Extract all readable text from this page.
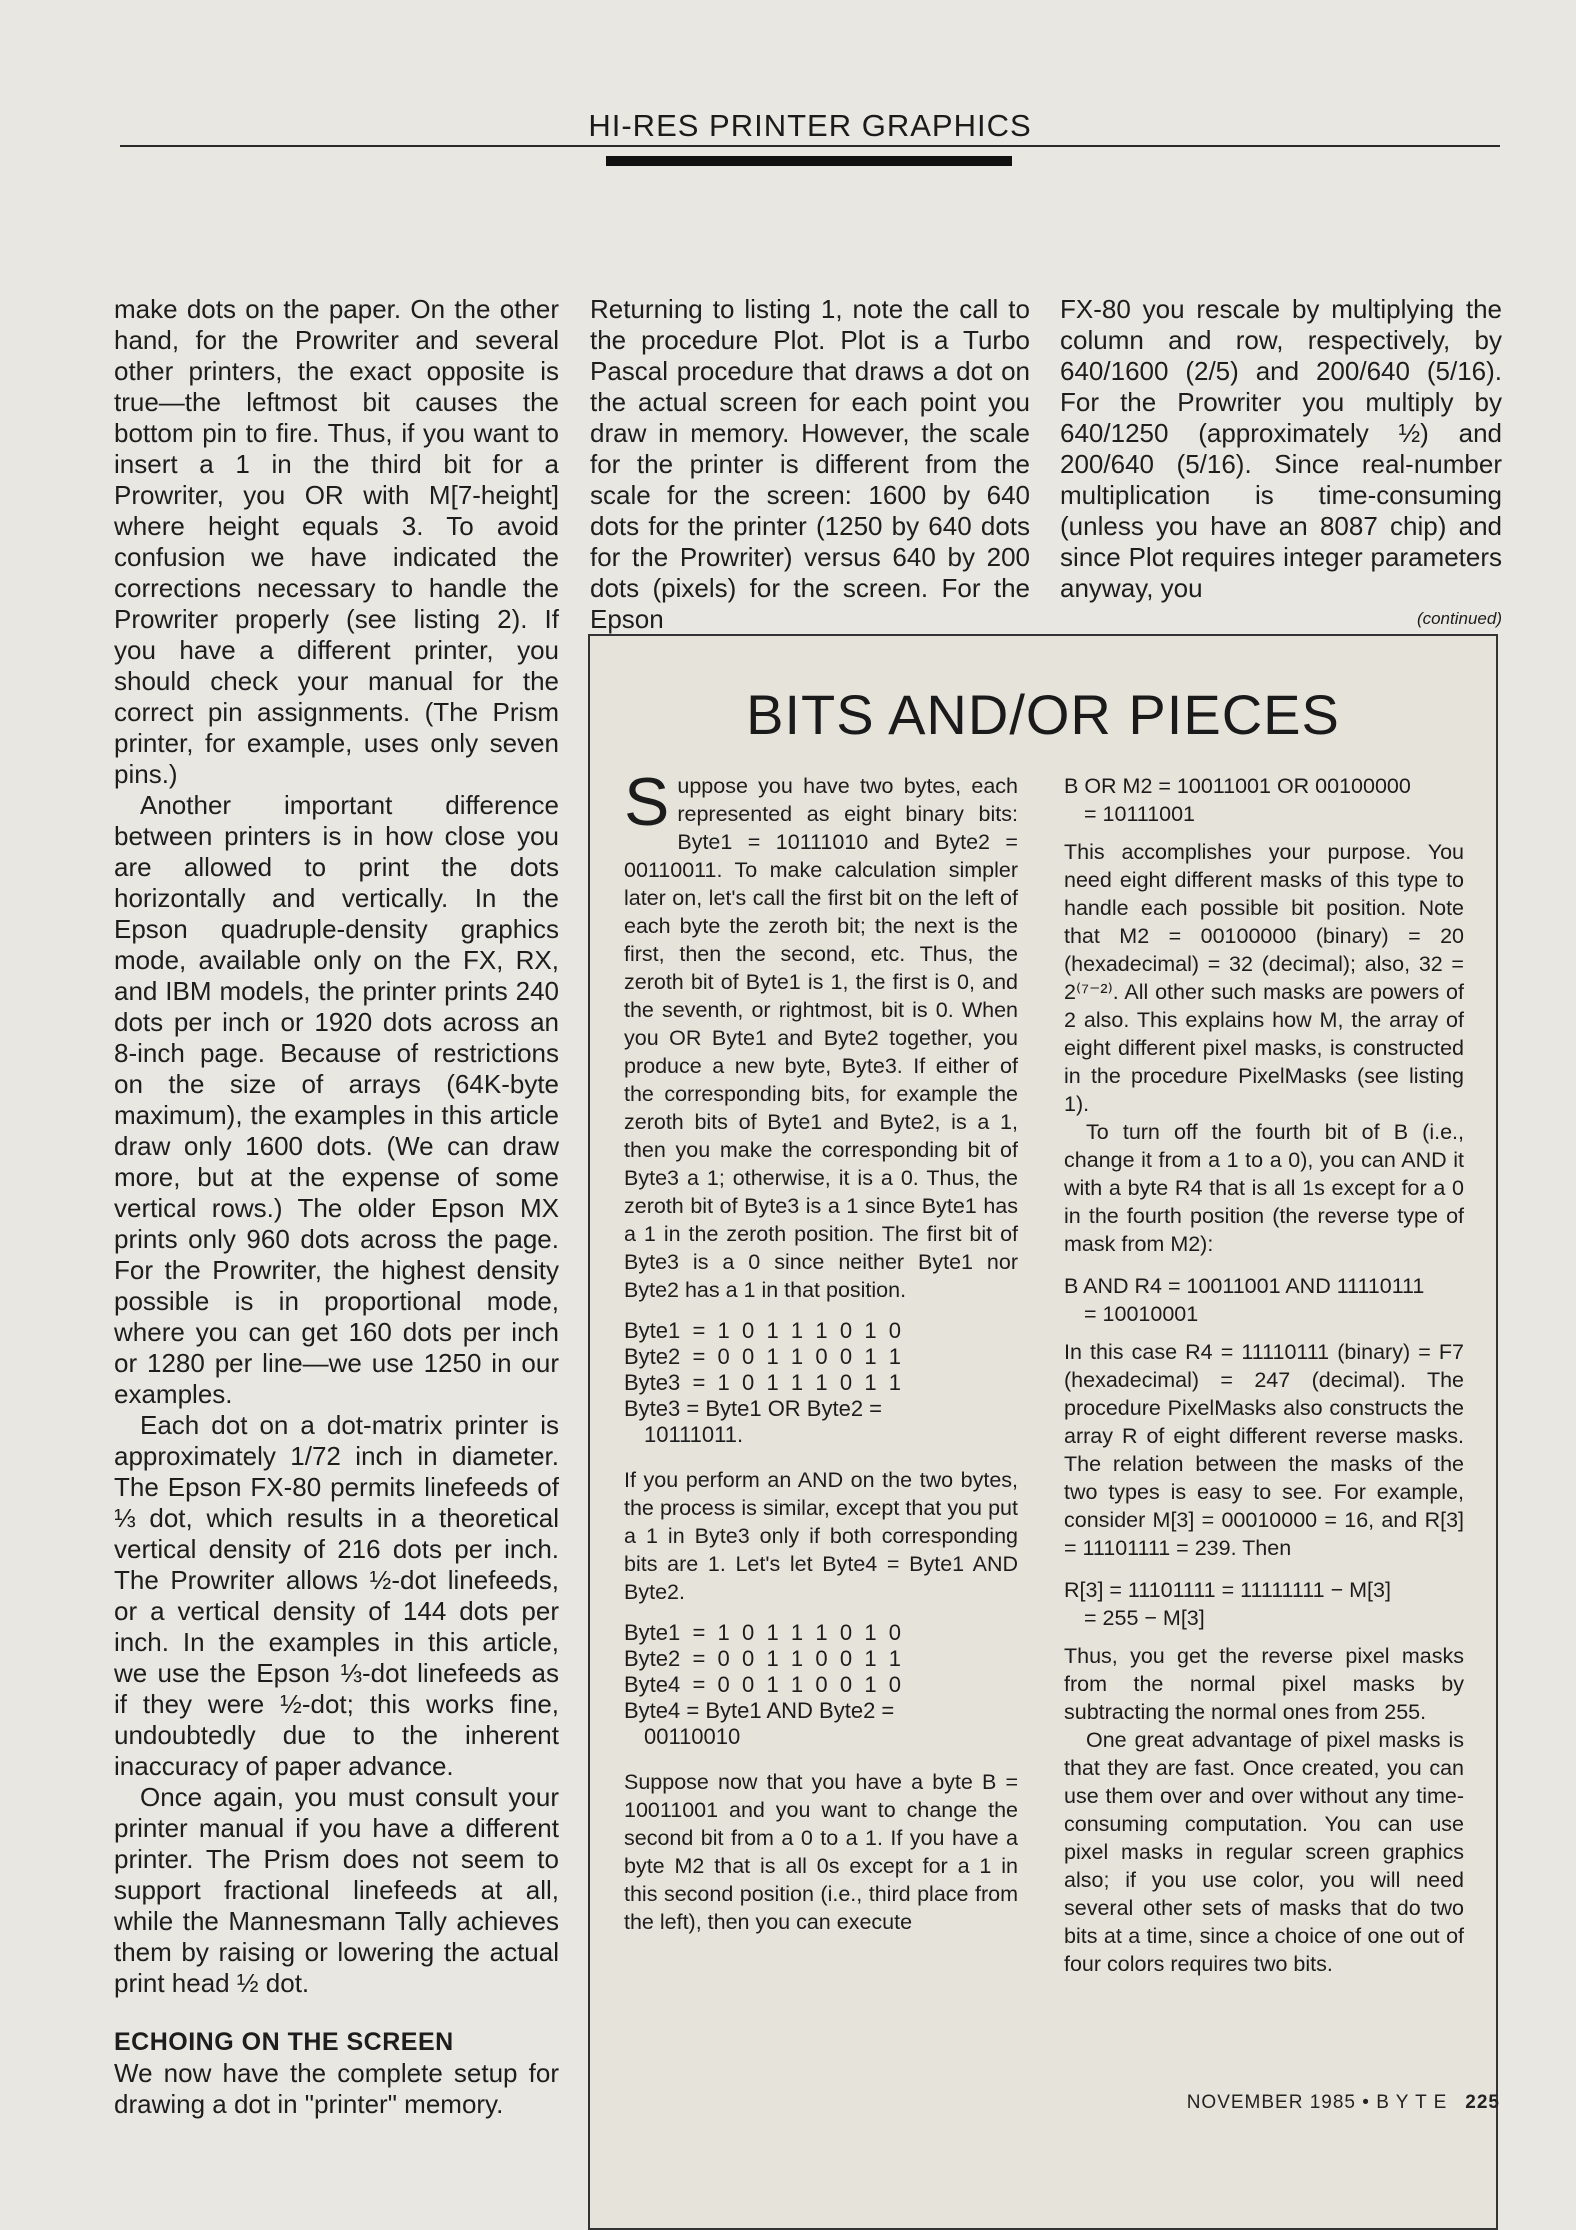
HI-RES PRINTER GRAPHICS

make dots on the paper. On the other hand, for the Prowriter and several other printers, the exact opposite is true—the leftmost bit causes the bottom pin to fire. Thus, if you want to insert a 1 in the third bit for a Prowriter, you OR with M[7-height] where height equals 3. To avoid confusion we have indicated the corrections necessary to handle the Prowriter properly (see listing 2). If you have a different printer, you should check your manual for the correct pin assignments. (The Prism printer, for example, uses only seven pins.)

Another important difference between printers is in how close you are allowed to print the dots horizontally and vertically. In the Epson quadruple-density graphics mode, available only on the FX, RX, and IBM models, the printer prints 240 dots per inch or 1920 dots across an 8-inch page. Because of restrictions on the size of arrays (64K-byte maximum), the examples in this article draw only 1600 dots. (We can draw more, but at the expense of some vertical rows.) The older Epson MX prints only 960 dots across the page. For the Prowriter, the highest density possible is in proportional mode, where you can get 160 dots per inch or 1280 per line—we use 1250 in our examples.

Each dot on a dot-matrix printer is approximately 1/72 inch in diameter. The Epson FX-80 permits linefeeds of ⅓ dot, which results in a theoretical vertical density of 216 dots per inch. The Prowriter allows ½-dot linefeeds, or a vertical density of 144 dots per inch. In the examples in this article, we use the Epson ⅓-dot linefeeds as if they were ½-dot; this works fine, undoubtedly due to the inherent inaccuracy of paper advance.

Once again, you must consult your printer manual if you have a different printer. The Prism does not seem to support fractional linefeeds at all, while the Mannesmann Tally achieves them by raising or lowering the actual print head ½ dot.

ECHOING ON THE SCREEN

We now have the complete setup for drawing a dot in "printer" memory.

Returning to listing 1, note the call to the procedure Plot. Plot is a Turbo Pascal procedure that draws a dot on the actual screen for each point you draw in memory. However, the scale for the printer is different from the scale for the screen: 1600 by 640 dots for the printer (1250 by 640 dots for the Prowriter) versus 640 by 200 dots (pixels) for the screen. For the Epson

FX-80 you rescale by multiplying the column and row, respectively, by 640/1600 (2/5) and 200/640 (5/16). For the Prowriter you multiply by 640/1250 (approximately ½) and 200/640 (5/16). Since real-number multiplication is time-consuming (unless you have an 8087 chip) and since Plot requires integer parameters anyway, you

(continued)
BITS AND/OR PIECES

Suppose you have two bytes, each represented as eight binary bits: Byte1 = 10111010 and Byte2 = 00110011. To make calculation simpler later on, let's call the first bit on the left of each byte the zeroth bit; the next is the first, then the second, etc. Thus, the zeroth bit of Byte1 is 1, the first is 0, and the seventh, or rightmost, bit is 0. When you OR Byte1 and Byte2 together, you produce a new byte, Byte3. If either of the corresponding bits, for example the zeroth bits of Byte1 and Byte2, is a 1, then you make the corresponding bit of Byte3 a 1; otherwise, it is a 0. Thus, the zeroth bit of Byte3 is a 1 since Byte1 has a 1 in the zeroth position. The first bit of Byte3 is a 0 since neither Byte1 nor Byte2 has a 1 in that position.

Byte1  =  1  0  1  1  1  0  1  0
Byte2  =  0  0  1  1  0  0  1  1
Byte3  =  1  0  1  1  1  0  1  1
Byte3 = Byte1 OR Byte2 =
10111011.

If you perform an AND on the two bytes, the process is similar, except that you put a 1 in Byte3 only if both corresponding bits are 1. Let's let Byte4 = Byte1 AND Byte2.

Byte1  =  1  0  1  1  1  0  1  0
Byte2  =  0  0  1  1  0  0  1  1
Byte4  =  0  0  1  1  0  0  1  0
Byte4 = Byte1 AND Byte2 =
00110010

Suppose now that you have a byte B = 10011001 and you want to change the second bit from a 0 to a 1. If you have a byte M2 that is all 0s except for a 1 in this second position (i.e., third place from the left), then you can execute

B OR M2 = 10011001 OR 00100000
= 10111001

This accomplishes your purpose. You need eight different masks of this type to handle each possible bit position. Note that M2 = 00100000 (binary) = 20 (hexadecimal) = 32 (decimal); also, 32 = 2⁽⁷⁻²⁾. All other such masks are powers of 2 also. This explains how M, the array of eight different pixel masks, is constructed in the procedure PixelMasks (see listing 1).

To turn off the fourth bit of B (i.e., change it from a 1 to a 0), you can AND it with a byte R4 that is all 1s except for a 0 in the fourth position (the reverse type of mask from M2):

B AND R4 = 10011001 AND 11110111
= 10010001

In this case R4 = 11110111 (binary) = F7 (hexadecimal) = 247 (decimal). The procedure PixelMasks also constructs the array R of eight different reverse masks. The relation between the masks of the two types is easy to see. For example, consider M[3] = 00010000 = 16, and R[3] = 11101111 = 239. Then

R[3] = 11101111 = 11111111 − M[3]
= 255 − M[3]

Thus, you get the reverse pixel masks from the normal pixel masks by subtracting the normal ones from 255.

One great advantage of pixel masks is that they are fast. Once created, you can use them over and over without any time-consuming computation. You can use pixel masks in regular screen graphics also; if you use color, you will need several other sets of masks that do two bits at a time, since a choice of one out of four colors requires two bits.

NOVEMBER 1985 • B Y T E 225
